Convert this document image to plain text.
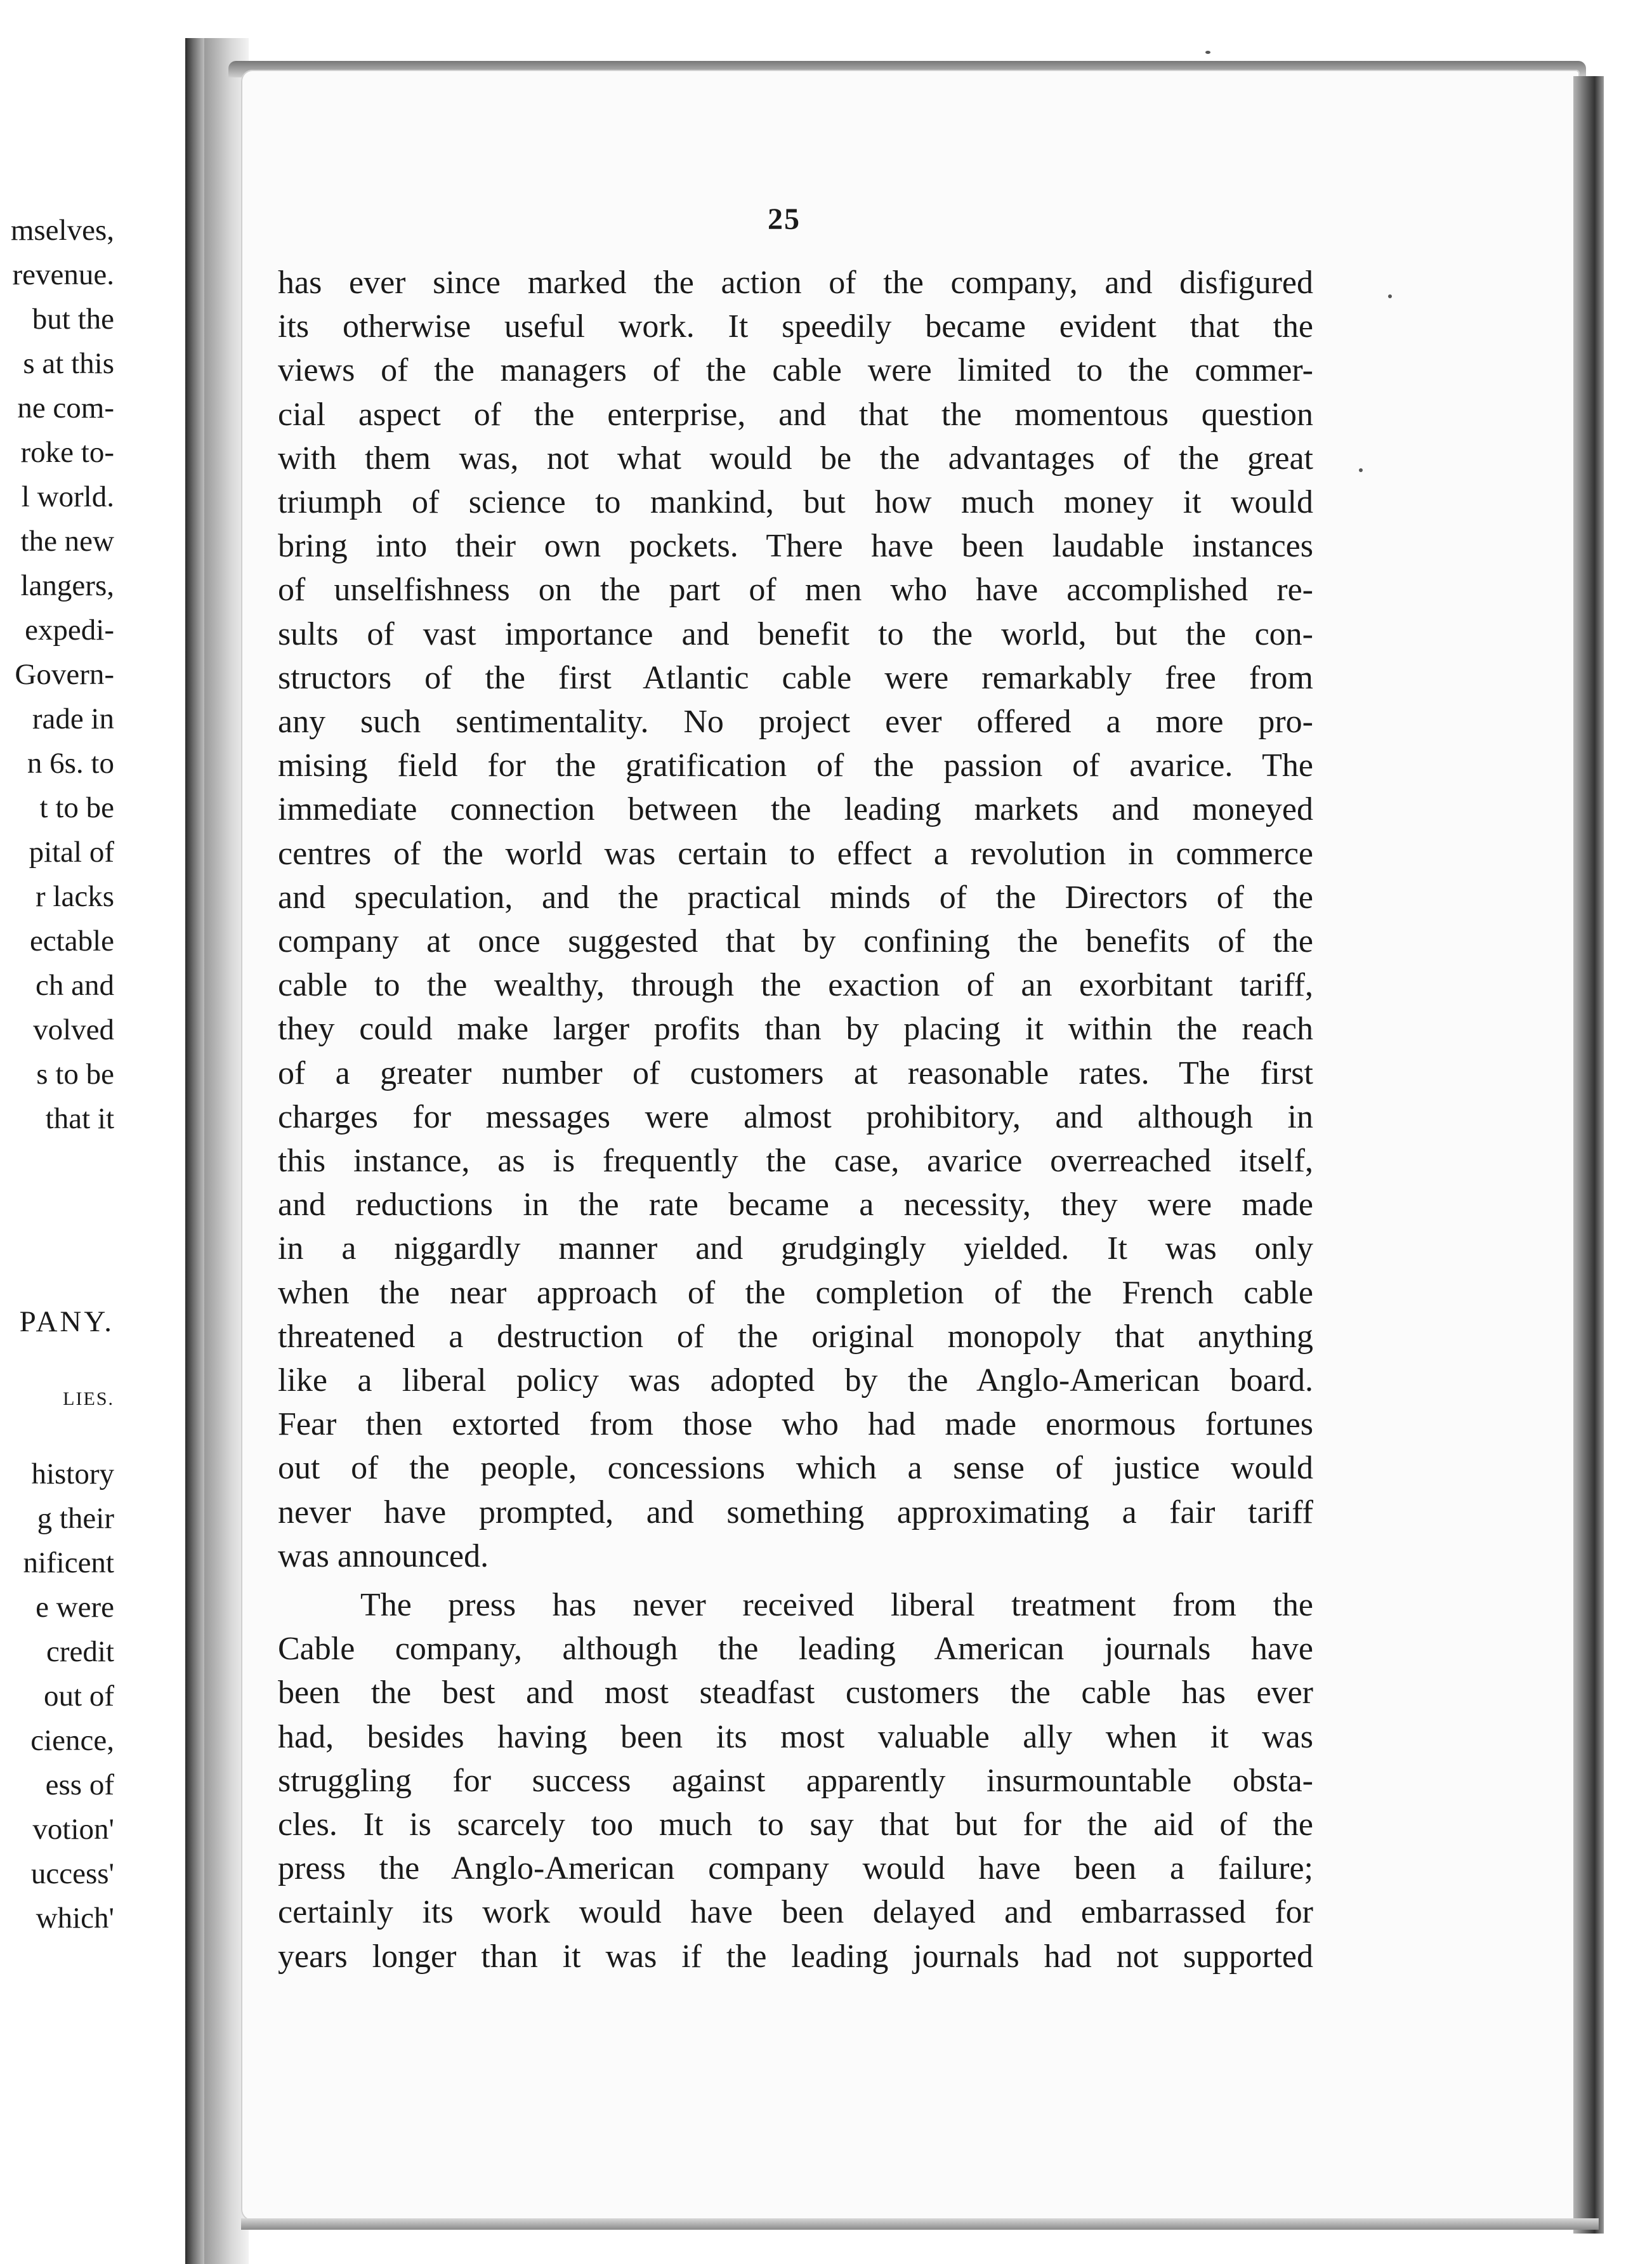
mselves,
revenue.
but the
s at this
ne com-
roke to-
l world.
the new
langers,
expedi-
Govern-
rade in
n 6s. to
t to be
pital of
r lacks
ectable
ch and
volved
s to be
that it
PANY.
LIES.
history
g their
nificent
e were
credit
out of
cience,
ess of
votion'
uccess'
which'
25
has ever since marked the action of the company, and disfigured
its otherwise useful work. It speedily became evident that the
views of the managers of the cable were limited to the commer-
cial aspect of the enterprise, and that the momentous question
with them was, not what would be the advantages of the great
triumph of science to mankind, but how much money it would
bring into their own pockets. There have been laudable instances
of unselfishness on the part of men who have accomplished re-
sults of vast importance and benefit to the world, but the con-
structors of the first Atlantic cable were remarkably free from
any such sentimentality. No project ever offered a more pro-
mising field for the gratification of the passion of avarice. The
immediate connection between the leading markets and moneyed
centres of the world was certain to effect a revolution in commerce
and speculation, and the practical minds of the Directors of the
company at once suggested that by confining the benefits of the
cable to the wealthy, through the exaction of an exorbitant tariff,
they could make larger profits than by placing it within the reach
of a greater number of customers at reasonable rates. The first
charges for messages were almost prohibitory, and although in
this instance, as is frequently the case, avarice overreached itself,
and reductions in the rate became a necessity, they were made
in a niggardly manner and grudgingly yielded. It was only
when the near approach of the completion of the French cable
threatened a destruction of the original monopoly that anything
like a liberal policy was adopted by the Anglo-American board.
Fear then extorted from those who had made enormous fortunes
out of the people, concessions which a sense of justice would
never have prompted, and something approximating a fair tariff
was announced.
The press has never received liberal treatment from the
Cable company, although the leading American journals have
been the best and most steadfast customers the cable has ever
had, besides having been its most valuable ally when it was
struggling for success against apparently insurmountable obsta-
cles. It is scarcely too much to say that but for the aid of the
press the Anglo-American company would have been a failure;
certainly its work would have been delayed and embarrassed for
years longer than it was if the leading journals had not supported
